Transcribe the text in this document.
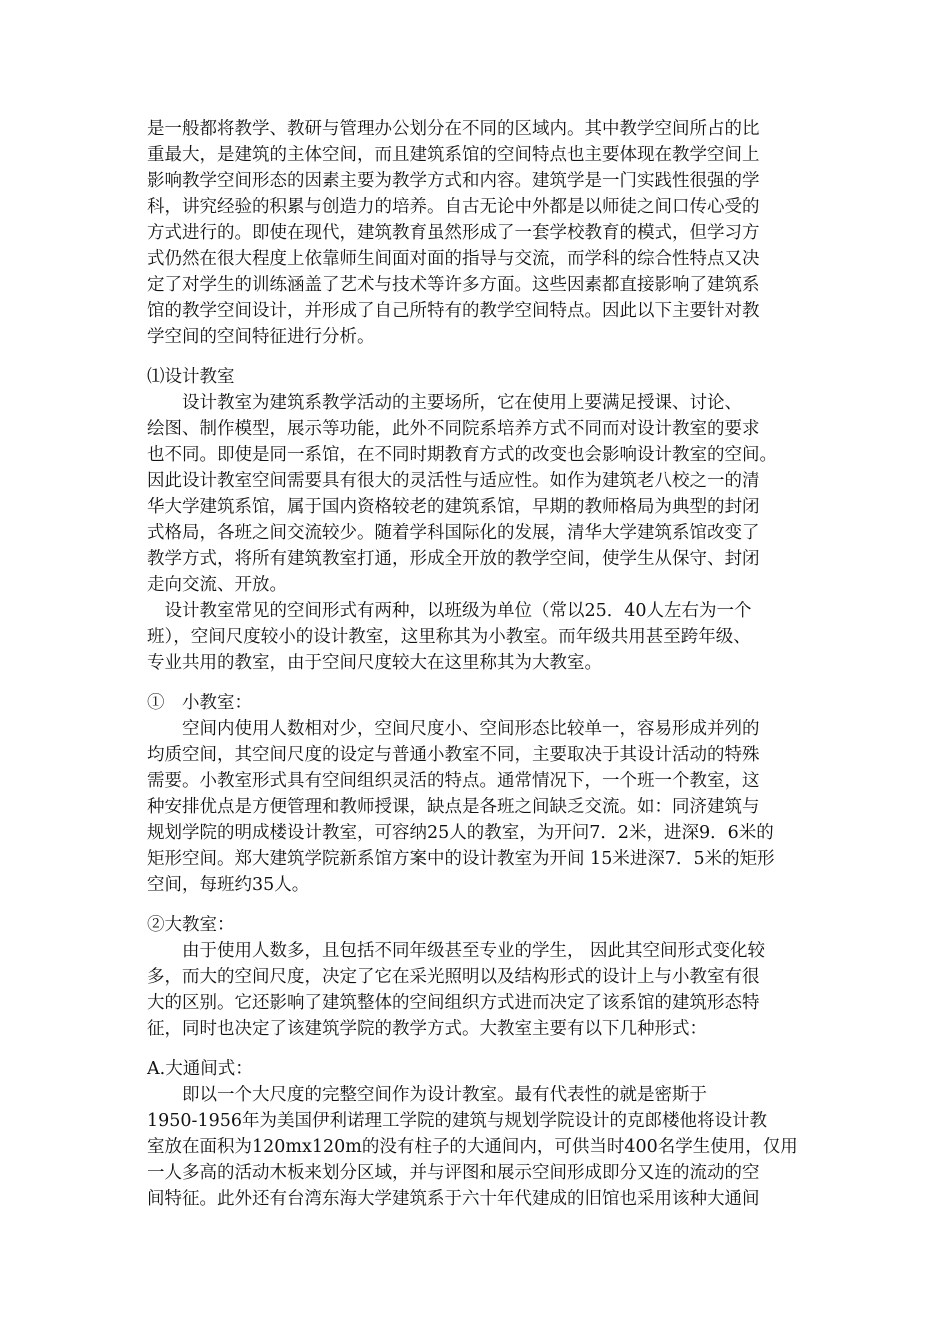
是一般都将教学、教研与管理办公划分在不同的区域内。其中教学空间所占的比

重最大，是建筑的主体空间，而且建筑系馆的空间特点也主要体现在教学空间上

影响教学空间形态的因素主要为教学方式和内容。建筑学是一门实践性很强的学

科，讲究经验的积累与创造力的培养。自古无论中外都是以师徒之间口传心受的

方式进行的。即使在现代，建筑教育虽然形成了一套学校教育的模式，但学习方

式仍然在很大程度上依靠师生间面对面的指导与交流，而学科的综合性特点又决

定了对学生的训练涵盖了艺术与技术等许多方面。这些因素都直接影响了建筑系

馆的教学空间设计，并形成了自己所特有的教学空间特点。因此以下主要针对教

学空间的空间特征进行分析。

⑴设计教室

　　设计教室为建筑系教学活动的主要场所，它在使用上要满足授课、讨论、

绘图、制作模型，展示等功能，此外不同院系培养方式不同而对设计教室的要求

也不同。即使是同一系馆，在不同时期教育方式的改变也会影响设计教室的空间。

因此设计教室空间需要具有很大的灵活性与适应性。如作为建筑老八校之一的清

华大学建筑系馆，属于国内资格较老的建筑系馆，早期的教师格局为典型的封闭

式格局，各班之间交流较少。随着学科国际化的发展，清华大学建筑系馆改变了

教学方式，将所有建筑教室打通，形成全开放的教学空间，使学生从保守、封闭

走向交流、开放。

　设计教室常见的空间形式有两种，以班级为单位（常以25．40人左右为一个

班），空间尺度较小的设计教室，这里称其为小教室。而年级共用甚至跨年级、

专业共用的教室，由于空间尺度较大在这里称其为大教室。

①　小教室：

　　空间内使用人数相对少，空间尺度小、空间形态比较单一，容易形成并列的

均质空间，其空间尺度的设定与普通小教室不同，主要取决于其设计活动的特殊

需要。小教室形式具有空间组织灵活的特点。通常情况下，一个班一个教室，这

种安排优点是方便管理和教师授课，缺点是各班之间缺乏交流。如：同济建筑与

规划学院的明成楼设计教室，可容纳25人的教室，为开问7．2米，进深9．6米的

矩形空间。郑大建筑学院新系馆方案中的设计教室为开间 15米进深7．5米的矩形

空间，每班约35人。

②大教室：

　　由于使用人数多，且包括不同年级甚至专业的学生， 因此其空间形式变化较

多，而大的空间尺度，决定了它在采光照明以及结构形式的设计上与小教室有很

大的区别。它还影响了建筑整体的空间组织方式进而决定了该系馆的建筑形态特

征，同时也决定了该建筑学院的教学方式。大教室主要有以下几种形式：

A.大通间式：

　　即以一个大尺度的完整空间作为设计教室。最有代表性的就是密斯于

1950-1956年为美国伊利诺理工学院的建筑与规划学院设计的克郎楼他将设计教

室放在面积为120mx120m的没有柱子的大通间内，可供当时400名学生使用，仅用

一人多高的活动木板来划分区域，并与评图和展示空间形成即分又连的流动的空

间特征。此外还有台湾东海大学建筑系于六十年代建成的旧馆也采用该种大通间
